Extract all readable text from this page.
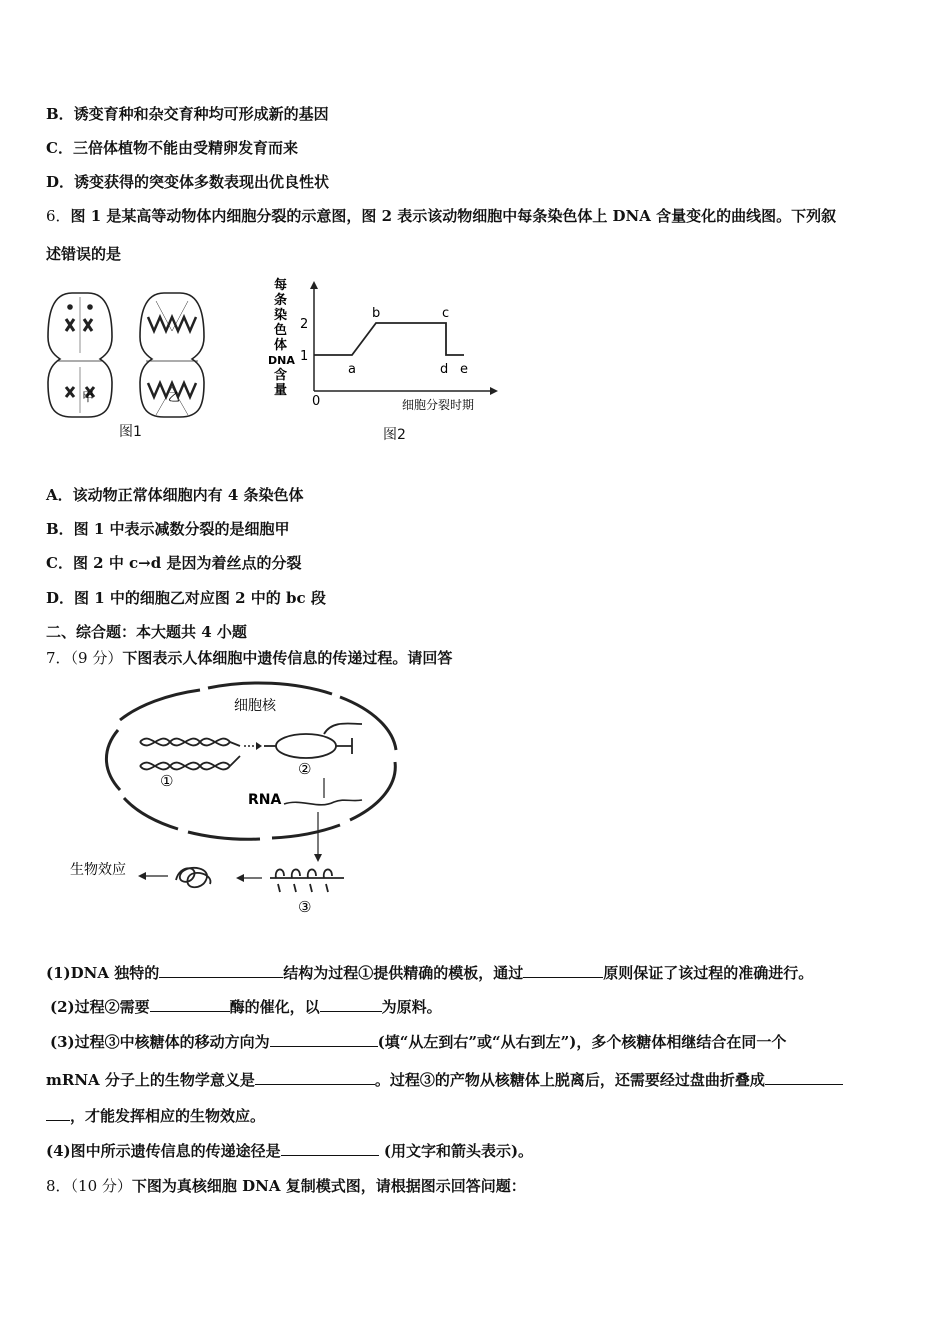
B．诱变育种和杂交育种均可形成新的基因
C．三倍体植物不能由受精卵发育而来
D．诱变获得的突变体多数表现出优良性状
6．图 1 是某高等动物体内细胞分裂的示意图，图 2 表示该动物细胞中每条染色体上 DNA 含量变化的曲线图。下列叙
述错误的是
甲	乙
图1
每
条
染
色
体
DNA
含
量
0
1
2
a
b	c
d e
细胞分裂时期
图2
A．该动物正常体细胞内有 4 条染色体
B．图 1 中表示减数分裂的是细胞甲
C．图 2 中 c→d 是因为着丝点的分裂
D．图 1 中的细胞乙对应图 2 中的 bc 段
二、综合题：本大题共 4 小题
7．（9 分）下图表示人体细胞中遗传信息的传递过程。请回答
细胞核
①
②
RNA
③
生物效应
(1)DNA 独特的	结构为过程①提供精确的模板，通过	原则保证了该过程的准确进行。
(2)过程②需要	酶的催化，以	为原料。
(3)过程③中核糖体的移动方向为	(填“从左到右”或“从右到左”)，多个核糖体相继结合在同一个
mRNA 分子上的生物学意义是	。过程③的产物从核糖体上脱离后，还需要经过盘曲折叠成
，才能发挥相应的生物效应。
(4)图中所示遗传信息的传递途径是	(用文字和箭头表示)。
8．（10 分）下图为真核细胞 DNA 复制模式图，请根据图示回答问题：
